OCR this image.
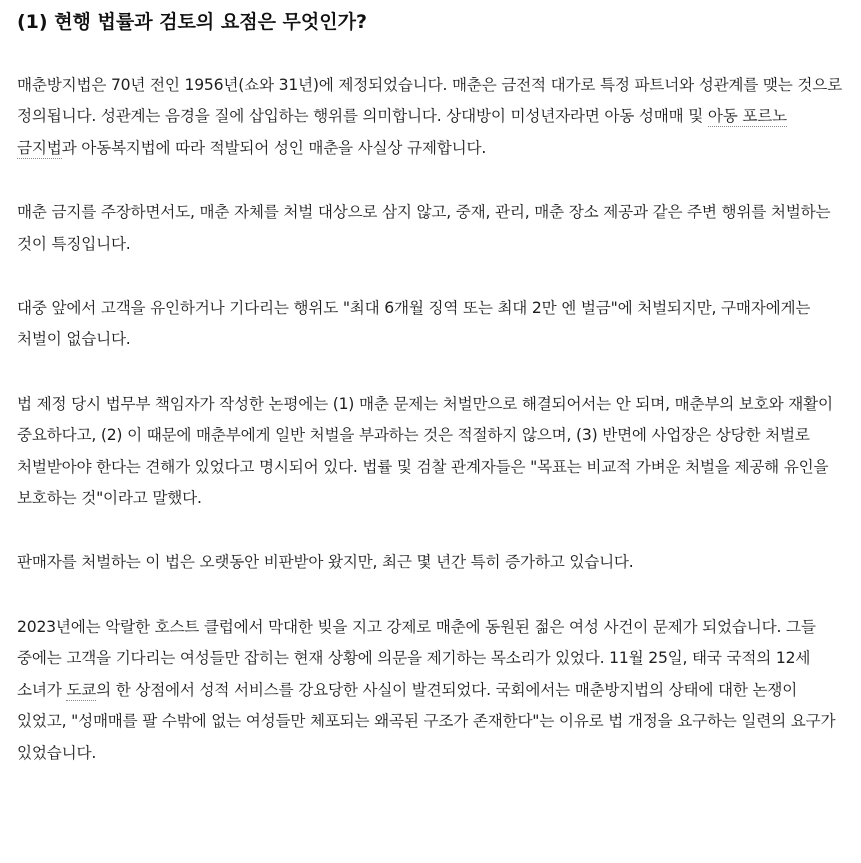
(1) 현행 법률과 검토의 요점은 무엇인가?

매춘방지법은 70년 전인 1956년(쇼와 31년)에 제정되었습니다. 매춘은 금전적 대가로 특정 파트너와 성관계를 맺는 것으로 정의됩니다. 성관계는 음경을 질에 삽입하는 행위를 의미합니다. 상대방이 미성년자라면 아동 성매매 및 아동 포르노 금지법과 아동복지법에 따라 적발되어 성인 매춘을 사실상 규제합니다.

매춘 금지를 주장하면서도, 매춘 자체를 처벌 대상으로 삼지 않고, 중재, 관리, 매춘 장소 제공과 같은 주변 행위를 처벌하는 것이 특징입니다.

대중 앞에서 고객을 유인하거나 기다리는 행위도 "최대 6개월 징역 또는 최대 2만 엔 벌금"에 처벌되지만, 구매자에게는 처벌이 없습니다.

법 제정 당시 법무부 책임자가 작성한 논평에는 (1) 매춘 문제는 처벌만으로 해결되어서는 안 되며, 매춘부의 보호와 재활이 중요하다고, (2) 이 때문에 매춘부에게 일반 처벌을 부과하는 것은 적절하지 않으며, (3) 반면에 사업장은 상당한 처벌로 처벌받아야 한다는 견해가 있었다고 명시되어 있다. 법률 및 검찰 관계자들은 "목표는 비교적 가벼운 처벌을 제공해 유인을 보호하는 것"이라고 말했다.

판매자를 처벌하는 이 법은 오랫동안 비판받아 왔지만, 최근 몇 년간 특히 증가하고 있습니다.

2023년에는 악랄한 호스트 클럽에서 막대한 빚을 지고 강제로 매춘에 동원된 젊은 여성 사건이 문제가 되었습니다. 그들 중에는 고객을 기다리는 여성들만 잡히는 현재 상황에 의문을 제기하는 목소리가 있었다. 11월 25일, 태국 국적의 12세 소녀가 도쿄의 한 상점에서 성적 서비스를 강요당한 사실이 발견되었다. 국회에서는 매춘방지법의 상태에 대한 논쟁이 있었고, "성매매를 팔 수밖에 없는 여성들만 체포되는 왜곡된 구조가 존재한다"는 이유로 법 개정을 요구하는 일련의 요구가 있었습니다.
